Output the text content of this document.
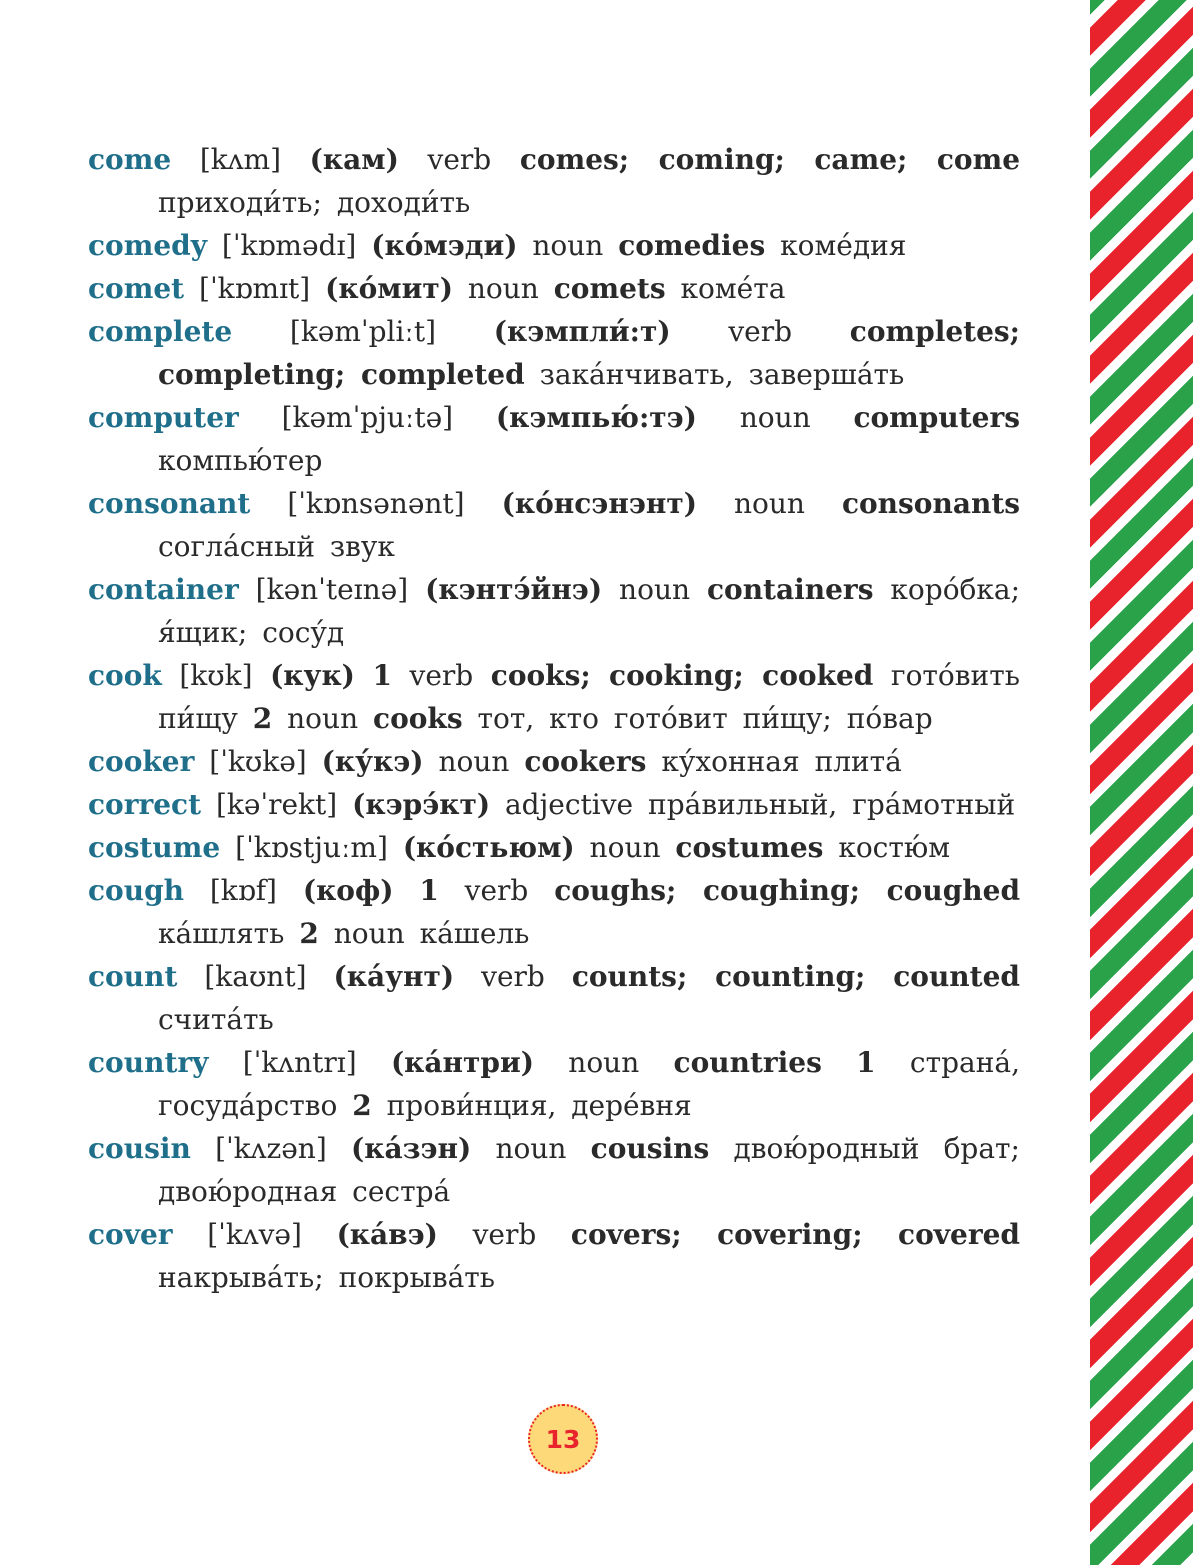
come [kʌm] (кам) verb comes; coming; came; come приходи́ть; доходи́ть

comedy [ˈkɒmədɪ] (ко́мэди) noun comedies коме́дия

comet [ˈkɒmɪt] (ко́мит) noun comets коме́та

complete [kəmˈpliːt] (кэмпли́:т) verb completes; completing; completed зака́нчивать, заверша́ть

computer [kəmˈpjuːtə] (кэмпью́:тэ) noun computers компью́тер

consonant [ˈkɒnsənənt] (ко́нсэнэнт) noun consonants согла́сный звук

container [kənˈteɪnə] (кэнтэ́йнэ) noun containers коро́бка; я́щик; сосу́д

cook [kʊk] (кук) 1 verb cooks; cooking; cooked гото́вить пи́щу 2 noun cooks тот, кто гото́вит пи́щу; по́вар

cooker [ˈkʊkə] (ку́кэ) noun cookers ку́хонная плита́

correct [kəˈrekt] (кэрэ́кт) adjective пра́вильный, гра́мотный

costume [ˈkɒstjuːm] (ко́стьюм) noun costumes костю́м

cough [kɒf] (коф) 1 verb coughs; coughing; coughed ка́шлять 2 noun ка́шель

count [kaʊnt] (ка́унт) verb counts; counting; counted счита́ть

country [ˈkʌntrɪ] (ка́нтри) noun countries 1 страна́, госуда́рство 2 прови́нция, дере́вня

cousin [ˈkʌzən] (ка́зэн) noun cousins двою́родный брат; двою́родная сестра́

cover [ˈkʌvə] (ка́вэ) verb covers; covering; covered накрыва́ть; покрыва́ть

13
